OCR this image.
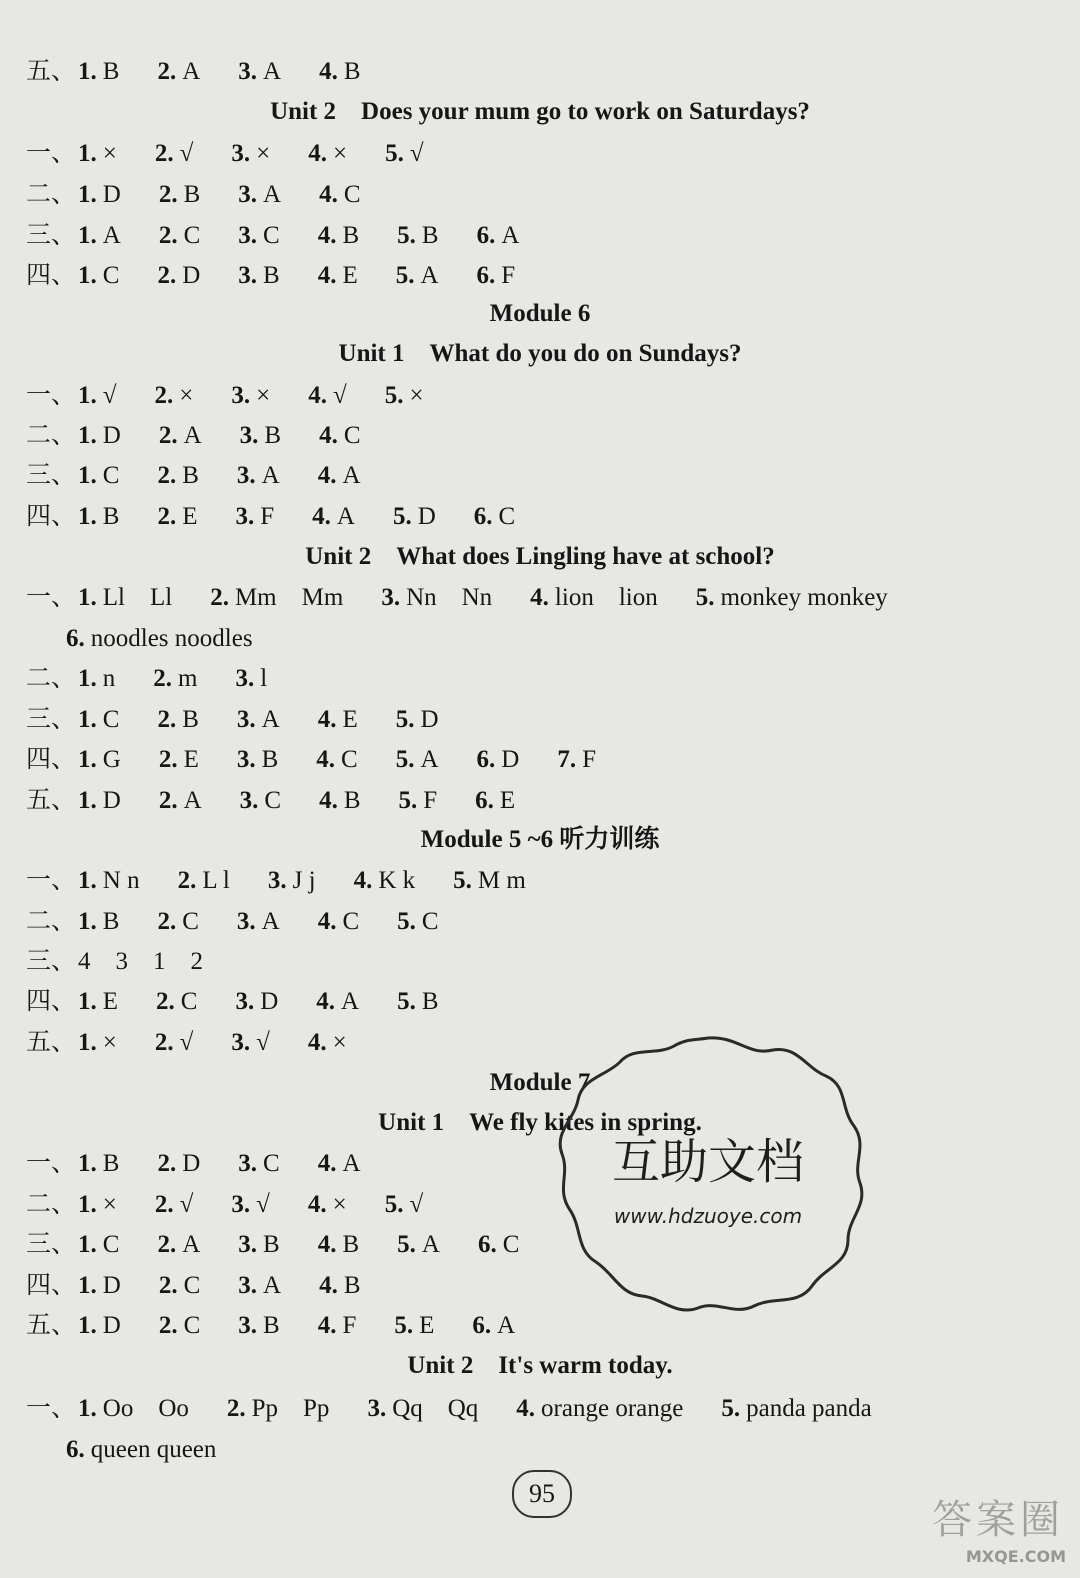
五、1. B 2. A 3. A 4. B
Unit 2　Does your mum go to work on Saturdays?
一、1. × 2. √ 3. × 4. × 5. √
二、1. D 2. B 3. A 4. C
三、1. A 2. C 3. C 4. B 5. B 6. A
四、1. C 2. D 3. B 4. E 5. A 6. F
Module 6
Unit 1　What do you do on Sundays?
一、1. √ 2. × 3. × 4. √ 5. ×
二、1. D 2. A 3. B 4. C
三、1. C 2. B 3. A 4. A
四、1. B 2. E 3. F 4. A 5. D 6. C
Unit 2　What does Lingling have at school?
一、1. Ll　Ll 2. Mm　Mm 3. Nn　Nn 4. lion　lion 5. monkey monkey
6. noodles noodles
二、1. n 2. m 3. l
三、1. C 2. B 3. A 4. E 5. D
四、1. G 2. E 3. B 4. C 5. A 6. D 7. F
五、1. D 2. A 3. C 4. B 5. F 6. E
Module 5 ~6 听力训练
一、1. N n 2. L l 3. J j 4. K k 5. M m
二、1. B 2. C 3. A 4. C 5. C
三、4　3　1　2
四、1. E 2. C 3. D 4. A 5. B
五、1. × 2. √ 3. √ 4. ×
Module 7
Unit 1　We fly kites in spring.
一、1. B 2. D 3. C 4. A
二、1. × 2. √ 3. √ 4. × 5. √
三、1. C 2. A 3. B 4. B 5. A 6. C
四、1. D 2. C 3. A 4. B
五、1. D 2. C 3. B 4. F 5. E 6. A
Unit 2　It's warm today.
一、1. Oo　Oo 2. Pp　Pp 3. Qq　Qq 4. orange orange 5. panda panda
6. queen queen
互助文档
www.hdzuoye.com
95
答案圈
MXQE.COM
